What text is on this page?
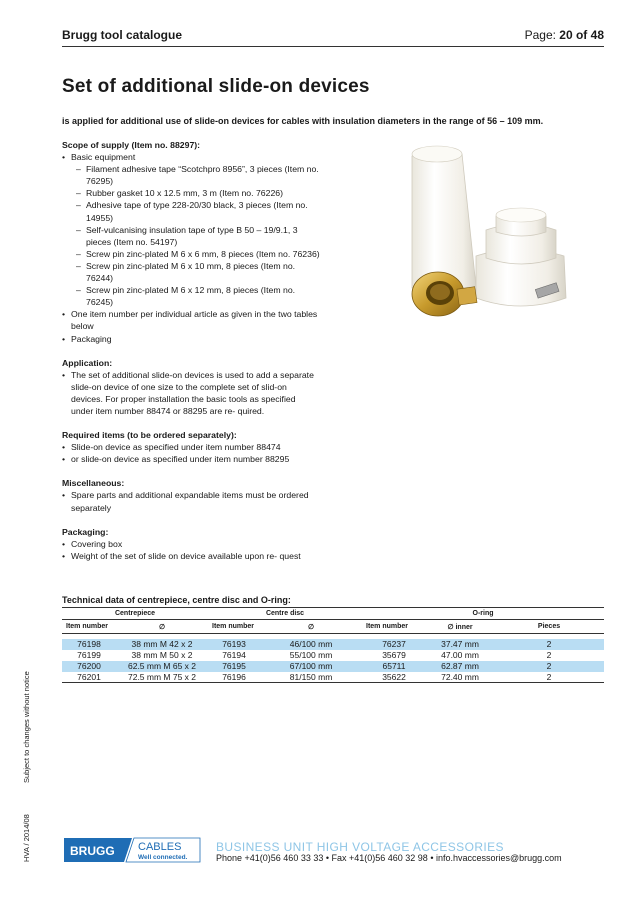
Brugg tool catalogue	Page: 20 of 48
Set of additional slide-on devices
is applied for additional use of slide-on devices for cables with insulation diameters in the range of 56 – 109 mm.
Scope of supply (Item no. 88297):
• Basic equipment
– Filament adhesive tape “Scotchpro 8956”, 3 pieces (Item no. 76295)
– Rubber gasket 10 x 12.5 mm, 3 m (Item no. 76226)
– Adhesive tape of type 228-20/30 black, 3 pieces (Item no. 14955)
– Self-vulcanising insulation tape of type B 50 – 19/9.1, 3 pieces (Item no. 54197)
– Screw pin zinc-plated M 6 x 6 mm, 8 pieces (Item no. 76236)
– Screw pin zinc-plated M 6 x 10 mm, 8 pieces (Item no. 76244)
– Screw pin zinc-plated M 6 x 12 mm, 8 pieces (Item no. 76245)
• One item number per individual article as given in the two tables below
• Packaging
Application:
• The set of additional slide-on devices is used to add a separate slide-on device of one size to the complete set of slid-on devices. For proper installation the basic tools as specified under item number 88474 or 88295 are re- quired.
Required items (to be ordered separately):
• Slide-on device as specified under item number 88474
• or slide-on device as specified under item number 88295
Miscellaneous:
• Spare parts and additional expandable items must be ordered separately
Packaging:
• Covering box
• Weight of the set of slide on device available upon re- quest
Technical data of centrepiece, centre disc and O-ring:
Centrepiece		Centre disc		O-ring		
Item number	∅	Item number	∅	Item number	∅ inner	Pieces

76198	38 mm M 42 x 2	76193	46/100 mm	76237	37.47 mm	2
76199	38 mm M 50 x 2	76194	55/100 mm	35679	47.00 mm	2
76200	62.5 mm M 65 x 2	76195	67/100 mm	65711	62.87 mm	2
76201	72.5 mm M 75 x 2	76196	81/150 mm	35622	72.40 mm	2
Subject to changes without notice
HVA / 2014/08	BRUGG CABLES
Well connected.
BUSINESS UNIT HIGH VOLTAGE ACCESSORIES
Phone +41(0)56 460 33 33 • Fax +41(0)56 460 32 98 • info.hvaccessories@brugg.com
